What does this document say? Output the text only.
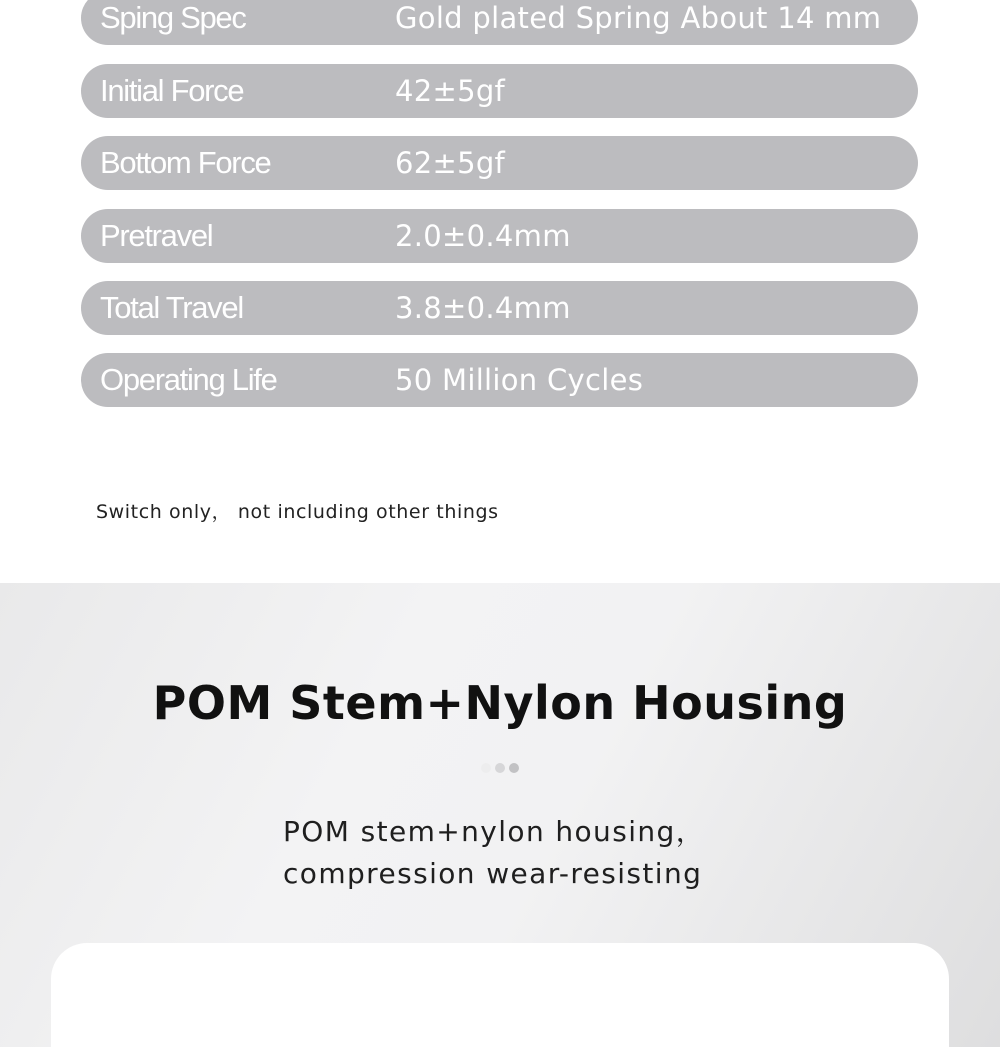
Sping Spec	Gold plated Spring About 14 mm
Initial Force	42±5gf
Bottom Force	62±5gf
Pretravel	2.0±0.4mm
Total Travel	3.8±0.4mm
Operating Life	50 Million Cycles
Switch only， not including other things
POM Stem+Nylon Housing
POM stem+nylon housing，
compression wear-resisting
